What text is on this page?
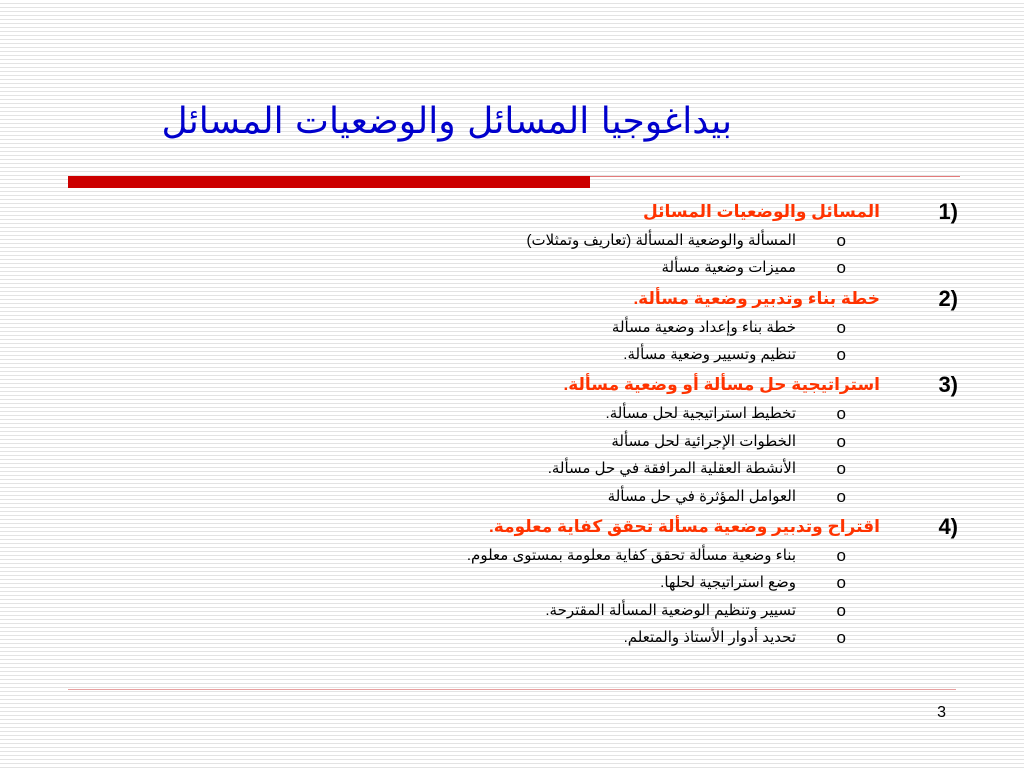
بيداغوجيا المسائل والوضعيات المسائل
1)
المسائل والوضعيات المسائل
o
المسألة والوضعية المسألة (تعاريف وتمثلات)
o
مميزات وضعية مسألة
2)
خطة بناء وتدبير وضعية مسألة.
o
خطة بناء وإعداد وضعية مسألة
o
تنظيم وتسيير وضعية مسألة.
3)
استراتيجية حل مسألة أو وضعية مسألة.
o
تخطيط استراتيجية لحل مسألة.
o
الخطوات الإجرائية لحل مسألة
o
الأنشطة العقلية المرافقة في حل مسألة.
o
العوامل المؤثرة في حل مسألة
4)
اقتراح وتدبير وضعية مسألة تحقق كفاية معلومة.
o
بناء وضعية مسألة تحقق كفاية معلومة بمستوى معلوم.
o
وضع استراتيجية لحلها.
o
تسيير وتنظيم الوضعية المسألة المقترحة.
o
تحديد أدوار الأستاذ والمتعلم.
3
